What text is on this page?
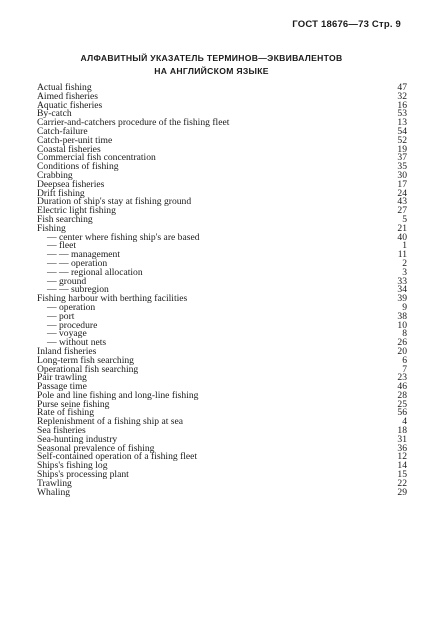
ГОСТ 18676—73 Стр. 9
АЛФАВИТНЫЙ УКАЗАТЕЛЬ ТЕРМИНОВ—ЭКВИВАЛЕНТОВ
НА АНГЛИЙСКОМ ЯЗЫКЕ
Actual fishing	47
Aimed fisheries	32
Aquatic fisheries	16
By-catch	53
Carrier-and-catchers procedure of the fishing fleet	13
Catch-failure	54
Catch-per-unit time	52
Coastal fisheries	19
Commercial fish concentration	37
Conditions of fishing	35
Crabbing	30
Deepsea fisheries	17
Drift fishing	24
Duration of ship's stay at fishing ground	43
Electric light fishing	27
Fish searching	5
Fishing	21
— center where fishing ship's are based	40
— fleet	1
— — management	11
— — operation	2
— — regional allocation	3
— ground	33
— — subregion	34
Fishing harbour with berthing facilities	39
— operation	9
— port	38
— procedure	10
— voyage	8
— without nets	26
Inland fisheries	20
Long-term fish searching	6
Operational fish searching	7
Pair trawling	23
Passage time	46
Pole and line fishing and long-line fishing	28
Purse seine fishing	25
Rate of fishing	56
Replenishment of a fishing ship at sea	4
Sea fisheries	18
Sea-hunting industry	31
Seasonal prevalence of fishing	36
Self-contained operation of a fishing fleet	12
Ships's fishing log	14
Ships's processing plant	15
Trawling	22
Whaling	29
